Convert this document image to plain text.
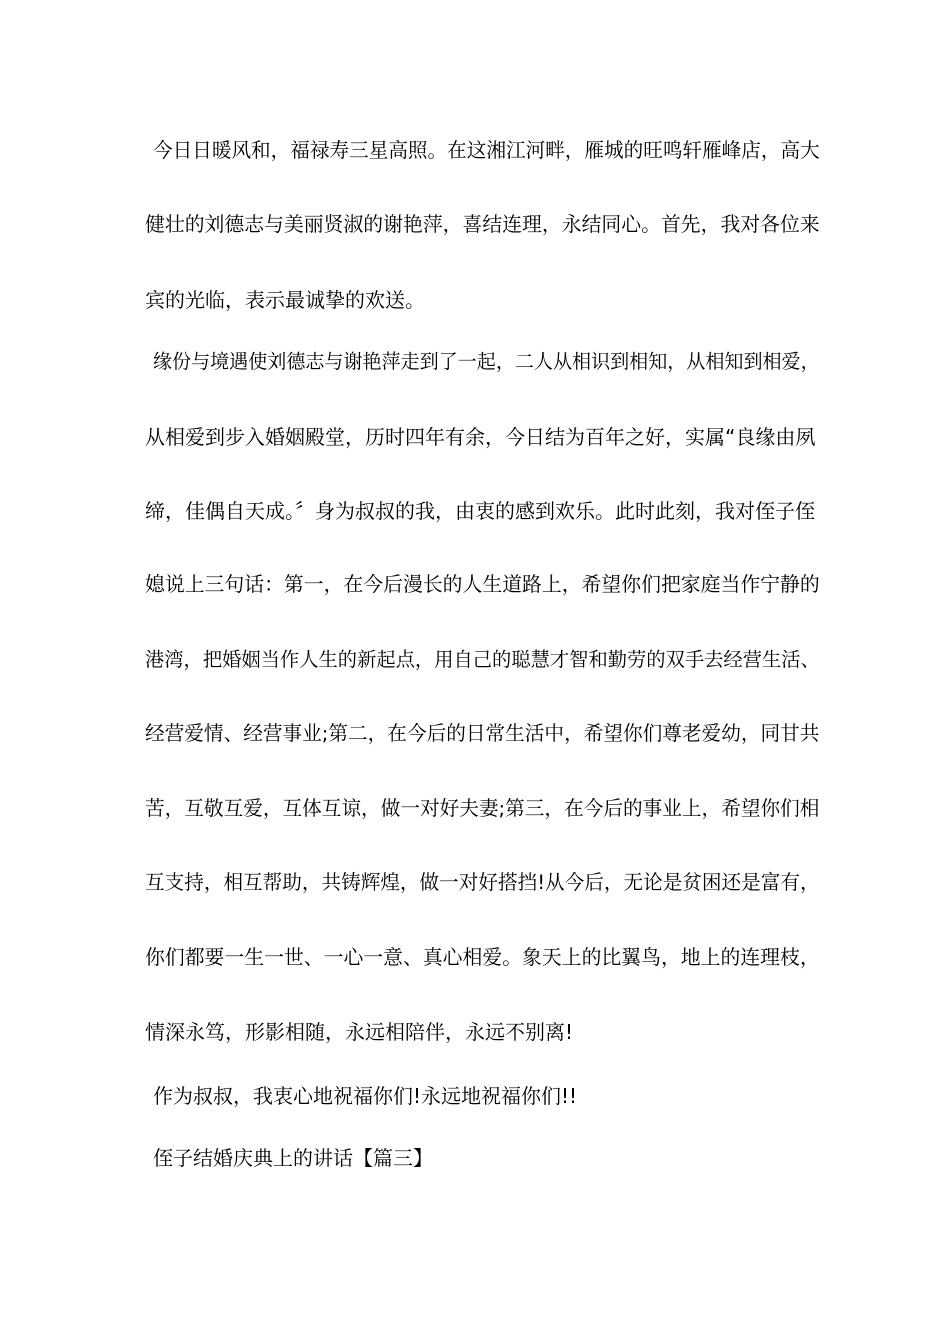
今日日暖风和，福禄寿三星高照。在这湘江河畔，雁城的旺鸣轩雁峰店，高大
健壮的刘德志与美丽贤淑的谢艳萍，喜结连理，永结同心。首先，我对各位来
宾的光临，表示最诚挚的欢送。
缘份与境遇使刘德志与谢艳萍走到了一起，二人从相识到相知，从相知到相爱，
从相爱到步入婚姻殿堂，历时四年有余，今日结为百年之好，实属“良缘由夙
缔，佳偶自天成。〞身为叔叔的我，由衷的感到欢乐。此时此刻，我对侄子侄
媳说上三句话：第一，在今后漫长的人生道路上，希望你们把家庭当作宁静的
港湾，把婚姻当作人生的新起点，用自己的聪慧才智和勤劳的双手去经营生活、
经营爱情、经营事业;第二，在今后的日常生活中，希望你们尊老爱幼，同甘共
苦，互敬互爱，互体互谅，做一对好夫妻;第三，在今后的事业上，希望你们相
互支持，相互帮助，共铸辉煌，做一对好搭挡!从今后，无论是贫困还是富有，
你们都要一生一世、一心一意、真心相爱。象天上的比翼鸟，地上的连理枝，
情深永笃，形影相随，永远相陪伴，永远不别离!
作为叔叔，我衷心地祝福你们!永远地祝福你们!!
侄子结婚庆典上的讲话【篇三】
